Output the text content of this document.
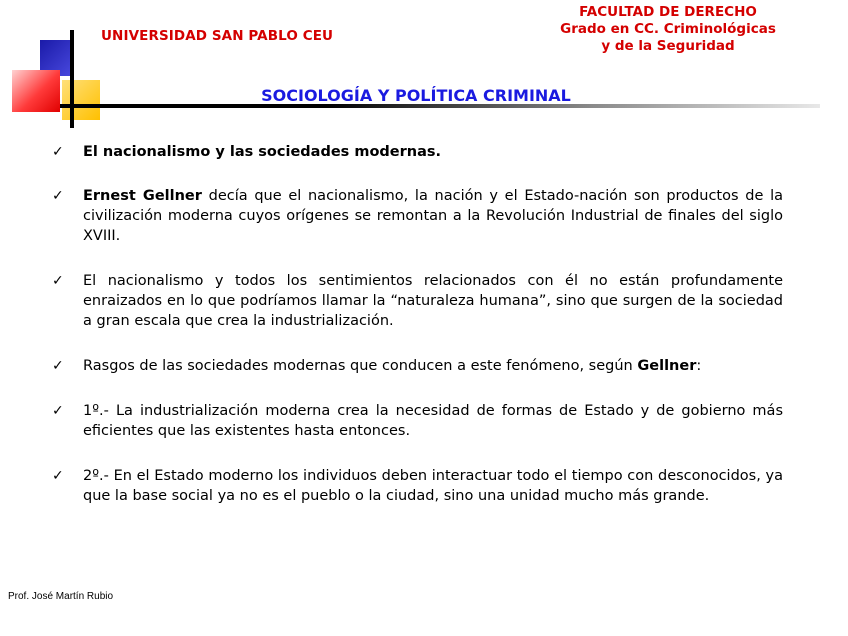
UNIVERSIDAD SAN PABLO CEU
FACULTAD DE DERECHO
Grado en CC. Criminológicas
y de la Seguridad
SOCIOLOGÍA Y POLÍTICA CRIMINAL
✓ El nacionalismo y las sociedades modernas.
✓ Ernest Gellner decía que el nacionalismo, la nación y el Estado-nación son productos de la civilización moderna cuyos orígenes se remontan a la Revolución Industrial de finales del siglo XVIII.
✓ El nacionalismo y todos los sentimientos relacionados con él no están profundamente enraizados en lo que podríamos llamar la “naturaleza humana”, sino que surgen de la sociedad a gran escala que crea la industrialización.
✓ Rasgos de las sociedades modernas que conducen a este fenómeno, según Gellner:
✓ 1º.- La industrialización moderna crea la necesidad de formas de Estado y de gobierno más eficientes que las existentes hasta entonces.
✓ 2º.- En el Estado moderno los individuos deben interactuar todo el tiempo con desconocidos, ya que la base social ya no es el pueblo o la ciudad, sino una unidad mucho más grande.
Prof. José Martín Rubio
